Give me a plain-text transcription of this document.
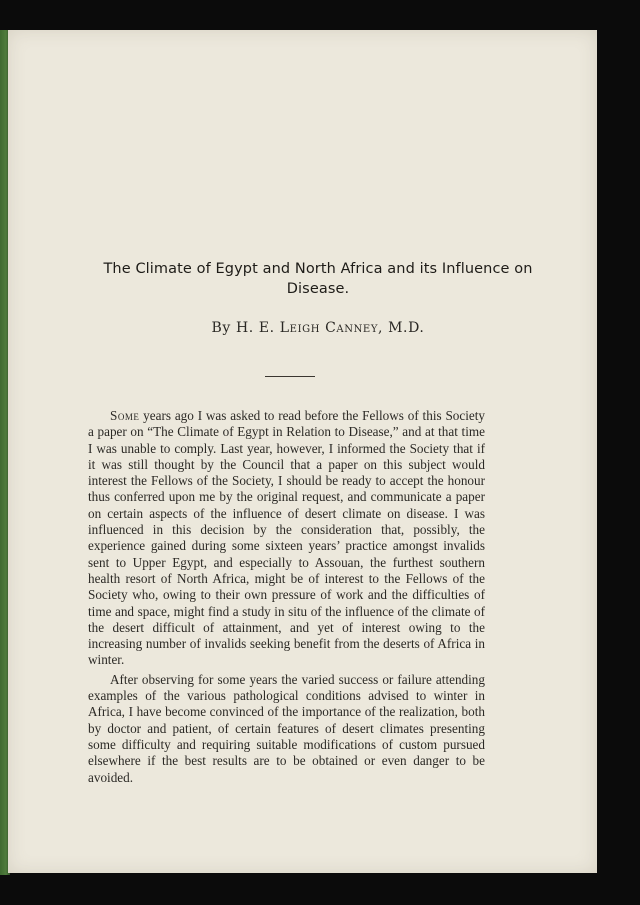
The Climate of Egypt and North Africa and its Influence on Disease.
By H. E. Leigh Canney, M.D.

Some years ago I was asked to read before the Fellows of this Society a paper on “The Climate of Egypt in Relation to Disease,” and at that time I was unable to comply. Last year, however, I informed the Society that if it was still thought by the Council that a paper on this subject would interest the Fellows of the Society, I should be ready to accept the honour thus conferred upon me by the original request, and communicate a paper on certain aspects of the influence of desert climate on disease. I was influenced in this decision by the consideration that, possibly, the experience gained during some sixteen years’ practice amongst invalids sent to Upper Egypt, and especially to Assouan, the furthest southern health resort of North Africa, might be of interest to the Fellows of the Society who, owing to their own pressure of work and the difficulties of time and space, might find a study in situ of the influence of the climate of the desert difficult of attainment, and yet of interest owing to the increasing number of invalids seeking benefit from the deserts of Africa in winter.

After observing for some years the varied success or failure attending examples of the various pathological conditions advised to winter in Africa, I have become convinced of the importance of the realization, both by doctor and patient, of certain features of desert climates presenting some difficulty and requiring suitable modifications of custom pursued elsewhere if the best results are to be obtained or even danger to be avoided.
